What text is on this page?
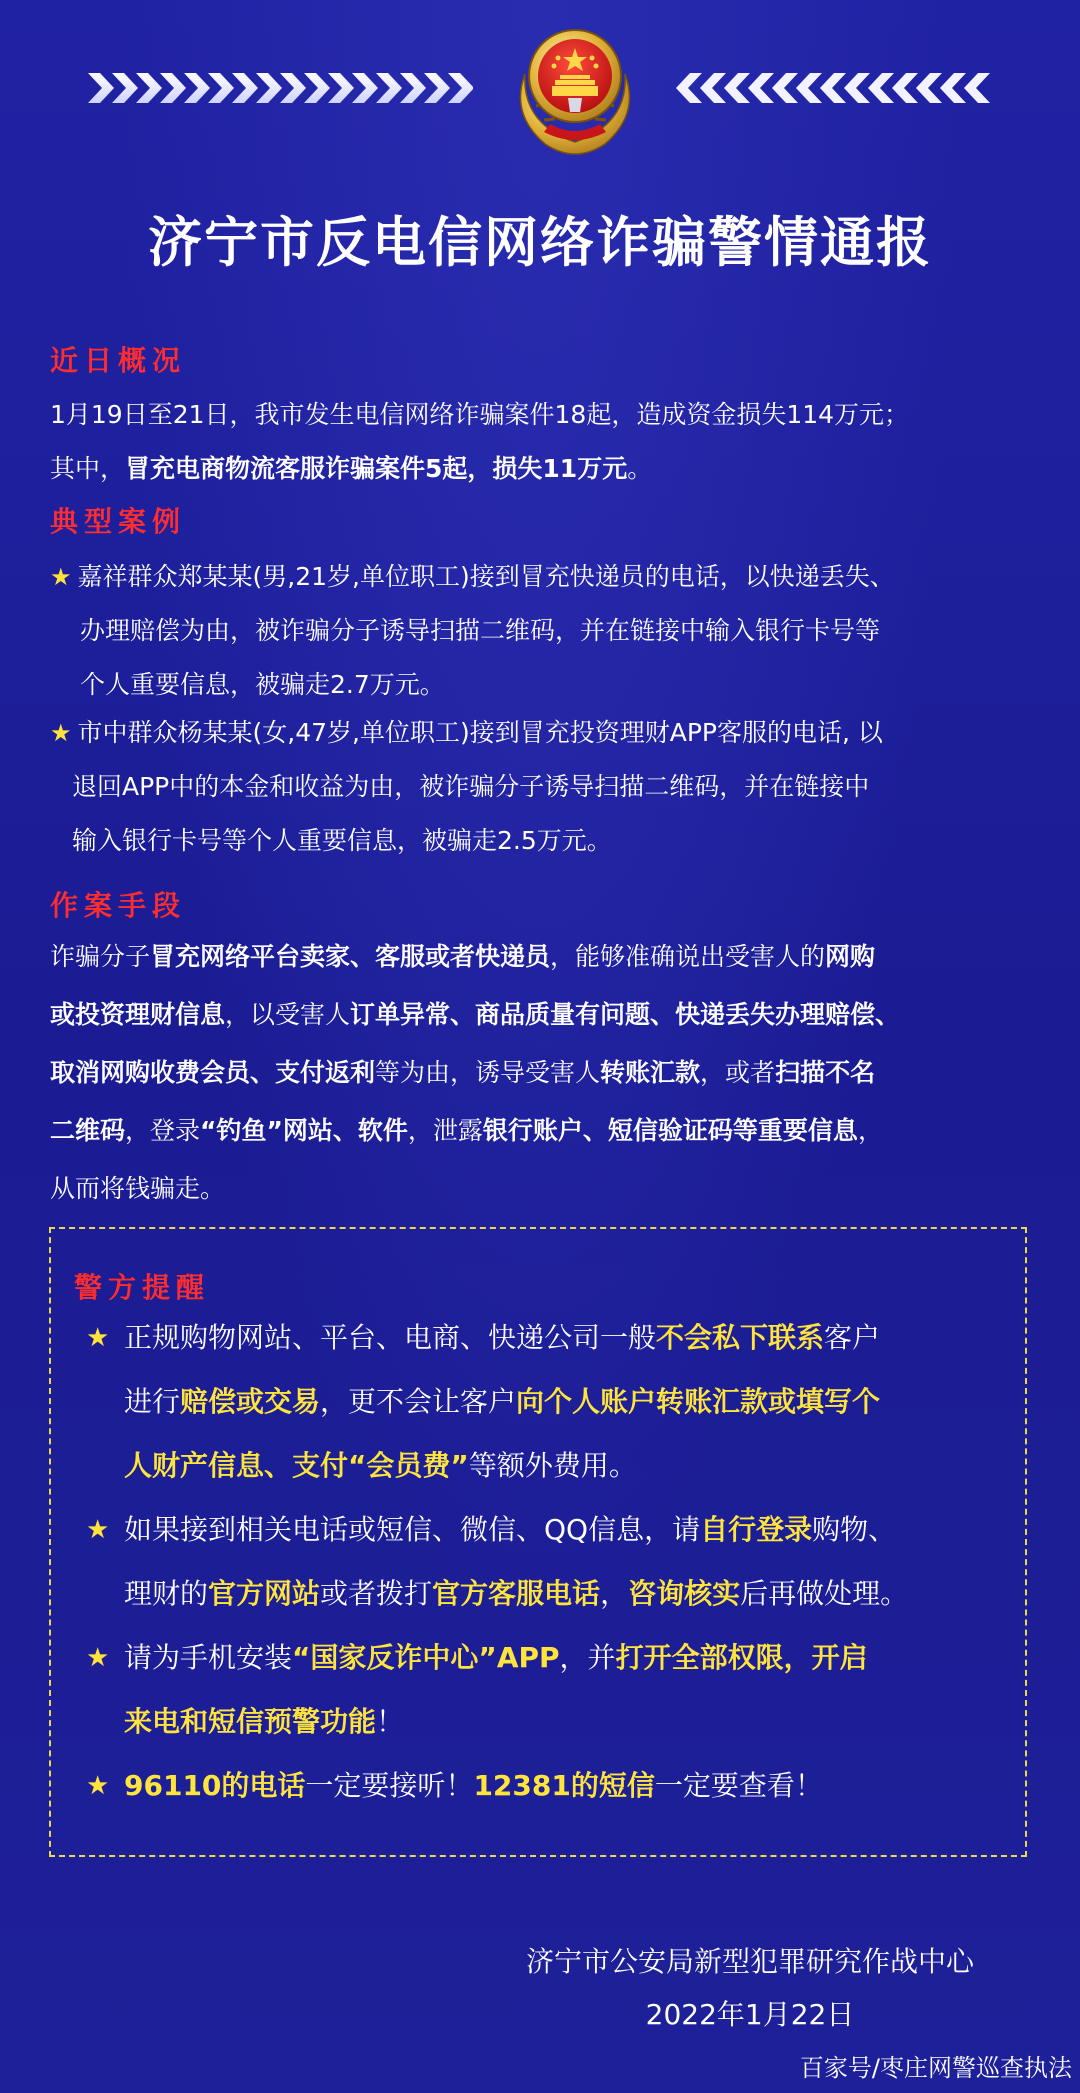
济宁市反电信网络诈骗警情通报
近日概况
1月19日至21日，我市发生电信网络诈骗案件18起，造成资金损失114万元；
其中，冒充电商物流客服诈骗案件5起，损失11万元。
典型案例
★ 嘉祥群众郑某某(男,21岁,单位职工)接到冒充快递员的电话，以快递丢失、
办理赔偿为由，被诈骗分子诱导扫描二维码，并在链接中输入银行卡号等
个人重要信息，被骗走2.7万元。
★ 市中群众杨某某(女,47岁,单位职工)接到冒充投资理财APP客服的电话, 以
退回APP中的本金和收益为由，被诈骗分子诱导扫描二维码，并在链接中
输入银行卡号等个人重要信息，被骗走2.5万元。
作案手段
诈骗分子冒充网络平台卖家、客服或者快递员，能够准确说出受害人的网购
或投资理财信息，以受害人订单异常、商品质量有问题、快递丢失办理赔偿、
取消网购收费会员、支付返利等为由，诱导受害人转账汇款，或者扫描不名
二维码，登录“钓鱼”网站、软件，泄露银行账户、短信验证码等重要信息，
从而将钱骗走。
警方提醒
★ 正规购物网站、平台、电商、快递公司一般不会私下联系客户
进行赔偿或交易，更不会让客户向个人账户转账汇款或填写个
人财产信息、支付“会员费”等额外费用。
★ 如果接到相关电话或短信、微信、QQ信息，请自行登录购物、
理财的官方网站或者拨打官方客服电话，咨询核实后再做处理。
★ 请为手机安装“国家反诈中心”APP，并打开全部权限，开启
来电和短信预警功能！
★ 96110的电话一定要接听！12381的短信一定要查看！
济宁市公安局新型犯罪研究作战中心
2022年1月22日
百家号/枣庄网警巡查执法
